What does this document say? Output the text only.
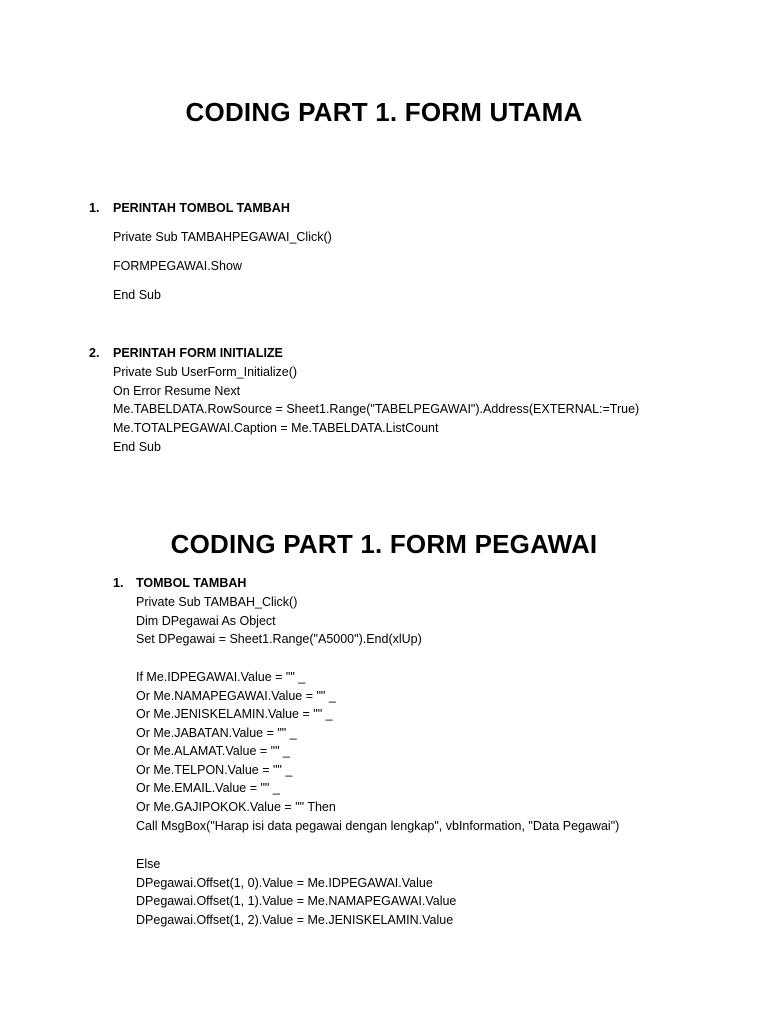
CODING PART 1. FORM UTAMA
1. PERINTAH TOMBOL TAMBAH
Private Sub TAMBAHPEGAWAI_Click()
FORMPEGAWAI.Show
End Sub
2. PERINTAH FORM INITIALIZE
Private Sub UserForm_Initialize()
On Error Resume Next
Me.TABELDATA.RowSource = Sheet1.Range("TABELPEGAWAI").Address(EXTERNAL:=True)
Me.TOTALPEGAWAI.Caption = Me.TABELDATA.ListCount
End Sub
CODING PART 1. FORM PEGAWAI
1. TOMBOL TAMBAH
Private Sub TAMBAH_Click()
Dim DPegawai As Object
Set DPegawai = Sheet1.Range("A5000").End(xlUp)
If Me.IDPEGAWAI.Value = "" _
Or Me.NAMAPEGAWAI.Value = "" _
Or Me.JENISKELAMIN.Value = "" _
Or Me.JABATAN.Value = "" _
Or Me.ALAMAT.Value = "" _
Or Me.TELPON.Value = "" _
Or Me.EMAIL.Value = "" _
Or Me.GAJIPOKOK.Value = "" Then
Call MsgBox("Harap isi data pegawai dengan lengkap", vbInformation, "Data Pegawai")
Else
DPegawai.Offset(1, 0).Value = Me.IDPEGAWAI.Value
DPegawai.Offset(1, 1).Value = Me.NAMAPEGAWAI.Value
DPegawai.Offset(1, 2).Value = Me.JENISKELAMIN.Value
